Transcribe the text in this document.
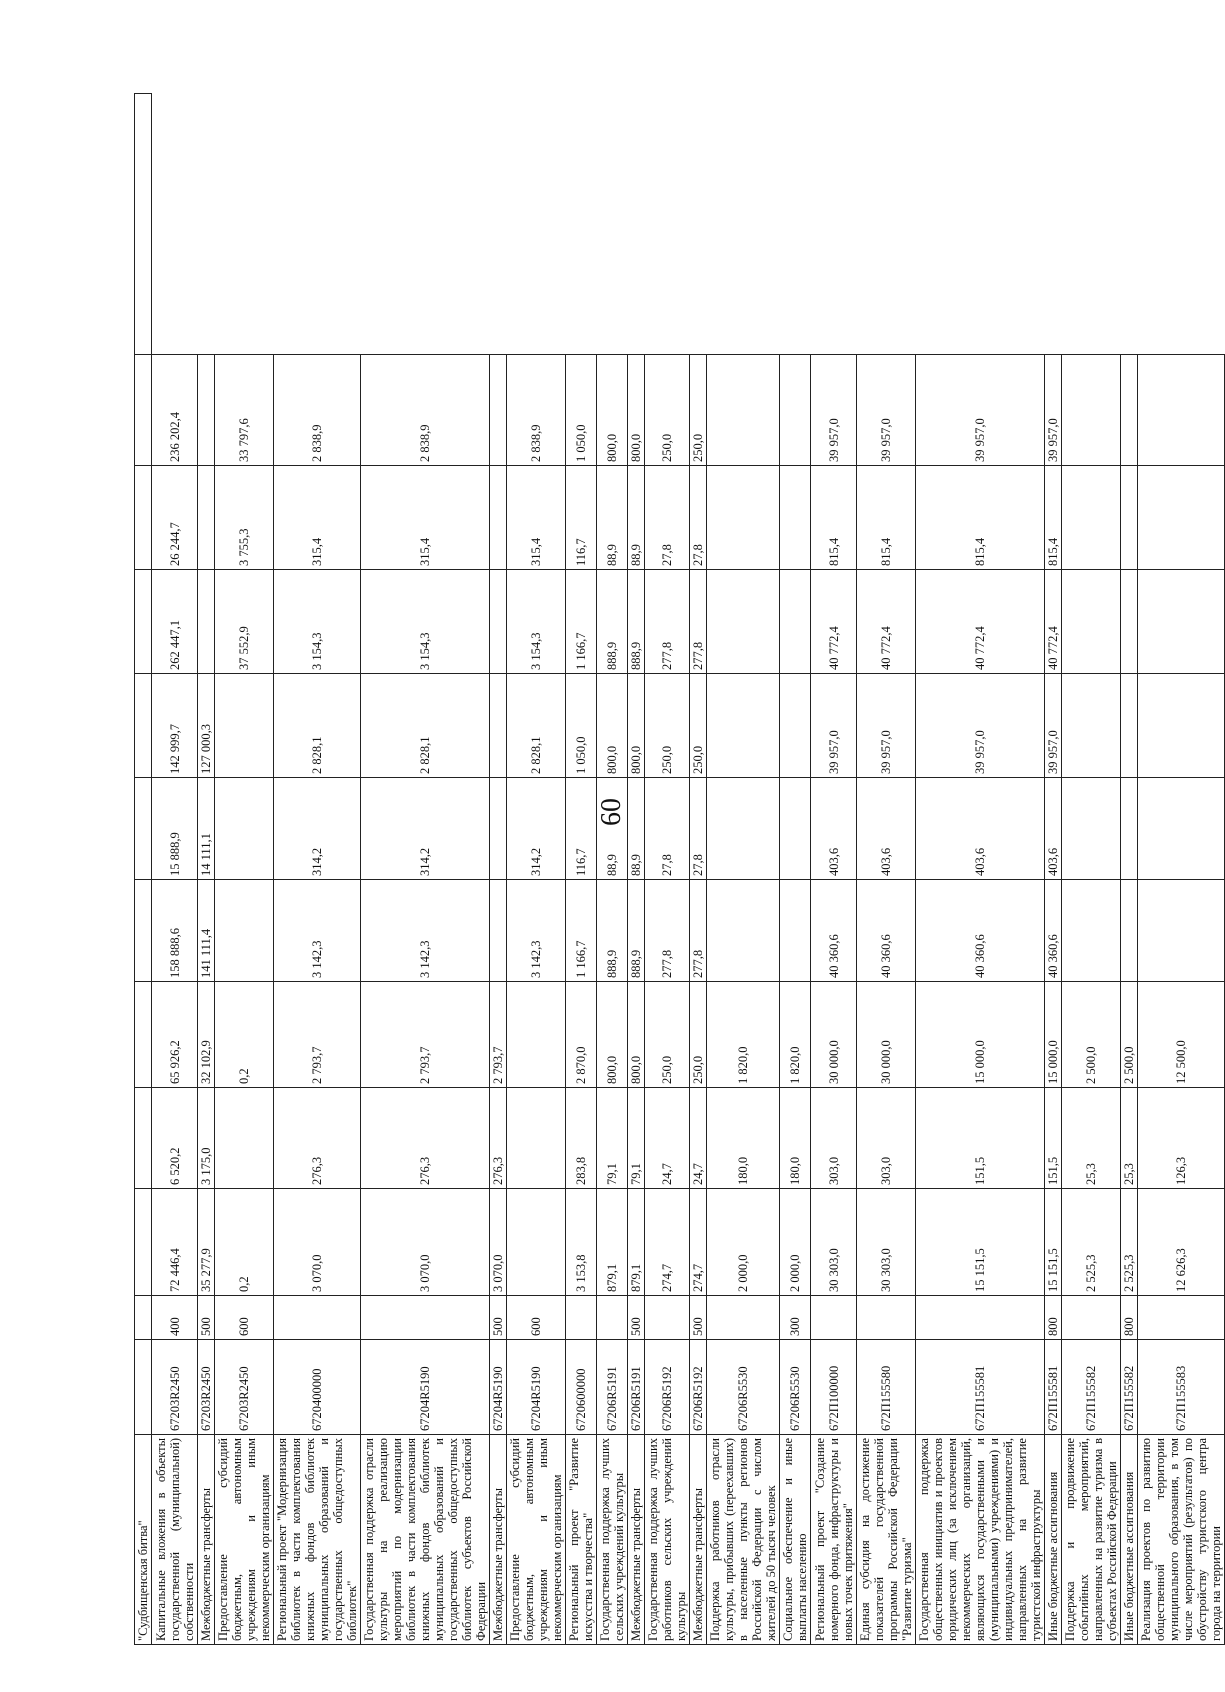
60
"Судбищенская битва"												
Капитальные вложения в объекты государственной (муниципальной) собственности	67203R2450	400	72 446,4	6 520,2	65 926,2	158 888,6	15 888,9	142 999,7	262 447,1	26 244,7	236 202,4	
Межбюджетные трансферты	67203R2450	500	35 277,9	3 175,0	32 102,9	141 111,4	14 111,1	127 000,3				
Предоставление субсидий бюджетным, автономным учреждениям и иным некоммерческим организациям	67203R2450	600	0,2		0,2				37 552,9	3 755,3	33 797,6	
Региональный проект "Модернизация библиотек в части комплектования книжных фондов библиотек муниципальных образований и государственных общедоступных библиотек"	6720400000		3 070,0	276,3	2 793,7	3 142,3	314,2	2 828,1	3 154,3	315,4	2 838,9	
Государственная поддержка отрасли культуры на реализацию мероприятий по модернизации библиотек в части комплектования книжных фондов библиотек муниципальных образований и государственных общедоступных библиотек субъектов Российской Федерации	67204R5190		3 070,0	276,3	2 793,7	3 142,3	314,2	2 828,1	3 154,3	315,4	2 838,9	
Межбюджетные трансферты	67204R5190	500	3 070,0	276,3	2 793,7							
Предоставление субсидий бюджетным, автономным учреждениям и иным некоммерческим организациям	67204R5190	600				3 142,3	314,2	2 828,1	3 154,3	315,4	2 838,9	
Региональный проект "Развитие искусства и творчества"	6720600000		3 153,8	283,8	2 870,0	1 166,7	116,7	1 050,0	1 166,7	116,7	1 050,0	
Государственная поддержка лучших сельских учреждений культуры	67206R5191		879,1	79,1	800,0	888,9	88,9	800,0	888,9	88,9	800,0	
Межбюджетные трансферты	67206R5191	500	879,1	79,1	800,0	888,9	88,9	800,0	888,9	88,9	800,0	
Государственная поддержка лучших работников сельских учреждений культуры	67206R5192		274,7	24,7	250,0	277,8	27,8	250,0	277,8	27,8	250,0	
Межбюджетные трансферты	67206R5192	500	274,7	24,7	250,0	277,8	27,8	250,0	277,8	27,8	250,0	
Поддержка работников отрасли культуры, прибывших (переехавших) в населенные пункты регионов Российской Федерации с числом жителей до 50 тысяч человек	67206R5530		2 000,0	180,0	1 820,0							
Социальное обеспечение и иные выплаты населению	67206R5530	300	2 000,0	180,0	1 820,0							
Региональный проект "Создание номерного фонда, инфраструктуры и новых точек притяжения"	672П100000		30 303,0	303,0	30 000,0	40 360,6	403,6	39 957,0	40 772,4	815,4	39 957,0	
Единая субсидия на достижение показателей государственной программы Российской Федерации "Развитие туризма"	672П155580		30 303,0	303,0	30 000,0	40 360,6	403,6	39 957,0	40 772,4	815,4	39 957,0	
Государственная поддержка общественных инициатив и проектов юридических лиц (за исключением некоммерческих организаций, являющихся государственными и (муниципальными) учреждениями) и индивидуальных предпринимателей, направленных на развитие туристской инфраструктуры	672П155581		15 151,5	151,5	15 000,0	40 360,6	403,6	39 957,0	40 772,4	815,4	39 957,0	
Иные бюджетные ассигнования	672П155581	800	15 151,5	151,5	15 000,0	40 360,6	403,6	39 957,0	40 772,4	815,4	39 957,0	
Поддержка и продвижение событийных мероприятий, направленных на развитие туризма в субъектах Российской Федерации	672П155582		2 525,3	25,3	2 500,0							
Иные бюджетные ассигнования	672П155582	800	2 525,3	25,3	2 500,0							
Реализация проектов по развитию общественной территории муниципального образования, в том числе мероприятий (результатов) по обустройству туристского центра города на территории	672П155583		12 626,3	126,3	12 500,0							
